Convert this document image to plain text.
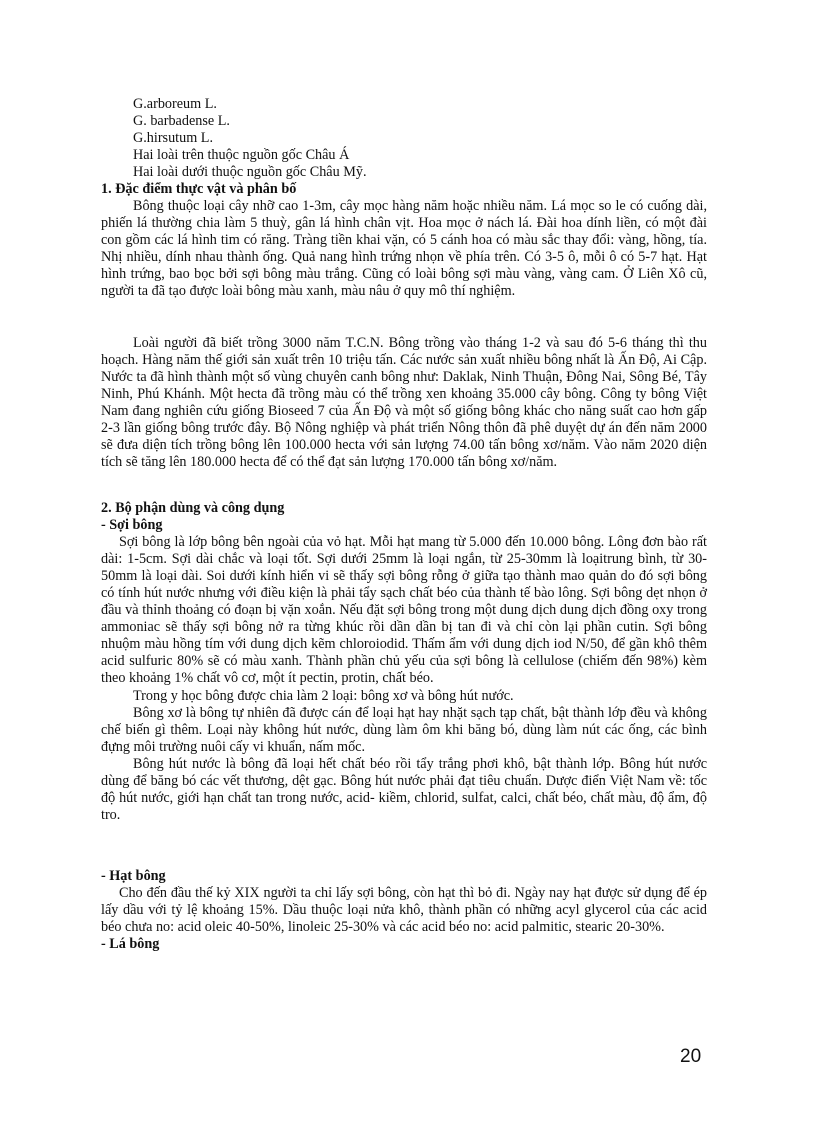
G.arboreum L.
G. barbadense L.
G.hirsutum L.
Hai loài trên thuộc nguồn gốc Châu Á
Hai loài dưới thuộc nguồn gốc Châu Mỹ.
1. Đặc điểm thực vật và phân bố

Bông thuộc loại cây nhỡ cao 1-3m, cây mọc hàng năm hoặc nhiều năm. Lá mọc so le có cuống dài, phiến lá thường chia làm 5 thuỳ, gân lá hình chân vịt. Hoa mọc ở nách lá. Đài hoa dính liền, có một đài con gồm các lá hình tim có răng. Tràng tiền khai vặn, có 5 cánh hoa có màu sắc thay đổi: vàng, hồng, tía. Nhị nhiều, dính nhau thành ống. Quả nang hình trứng nhọn về phía trên. Có 3-5 ô, mỗi ô có 5-7 hạt. Hạt hình trứng, bao bọc bởi sợi bông màu trắng. Cũng có loài bông sợi màu vàng, vàng cam. Ở Liên Xô cũ, người ta đã tạo được loài bông màu xanh, màu nâu ở quy mô thí nghiệm.

Loài người đã biết trồng 3000 năm T.C.N. Bông trồng vào tháng 1-2 và sau đó 5-6 tháng thì thu hoạch. Hàng năm thế giới sản xuất trên 10 triệu tấn. Các nước sản xuất nhiều bông nhất là Ấn Độ, Ai Cập. Nước ta đã hình thành một số vùng chuyên canh bông như: Daklak, Ninh Thuận, Đông Nai, Sông Bé, Tây Ninh, Phú Khánh. Một hecta đã trồng màu có thể trồng xen khoảng 35.000 cây bông. Công ty bông Việt Nam đang nghiên cứu giống Bioseed 7 của Ấn Độ và một số giống bông khác cho năng suất cao hơn gấp 2-3 lần giống bông trước đây. Bộ Nông nghiệp và phát triển Nông thôn đã phê duyệt dự án đến năm 2000 sẽ đưa diện tích trồng bông lên 100.000 hecta với sản lượng 74.00 tấn bông xơ/năm. Vào năm 2020 diện tích sẽ tăng lên 180.000 hecta để có thể đạt sản lượng 170.000 tấn bông xơ/năm.

2. Bộ phận dùng và công dụng
- Sợi bông

Sợi bông là lớp bông bên ngoài của vỏ hạt. Mỗi hạt mang từ 5.000 đến 10.000 bông. Lông đơn bào rất dài: 1-5cm. Sợi dài chắc và loại tốt. Sợi dưới 25mm là loại ngắn, từ 25-30mm là loạitrung bình, từ 30-50mm là loại dài. Soi dưới kính hiển vi sẽ thấy sợi bông rỗng ở giữa tạo thành mao quản do đó sợi bông có tính hút nước nhưng với điều kiện là phải tẩy sạch chất béo của thành tế bào lông. Sợi bông dẹt nhọn ở đầu và thỉnh thoảng có đoạn bị vặn xoắn. Nếu đặt sợi bông trong một dung dịch dung dịch đồng oxy trong ammoniac sẽ thấy sợi bông nở ra từng khúc rồi dần dần bị tan đi và chỉ còn lại phần cutin. Sợi bông nhuộm màu hồng tím với dung dịch kẽm chloroiodid. Thấm ẩm với dung dịch iod N/50, để gần khô thêm acid sulfuric 80% sẽ có màu xanh. Thành phần chủ yếu của sợi bông là cellulose (chiếm đến 98%) kèm theo khoảng 1% chất vô cơ, một ít pectin, protin, chất béo.

Trong y học bông được chia làm 2 loại: bông xơ và bông hút nước.

Bông xơ là bông tự nhiên đã được cán để loại hạt hay nhặt sạch tạp chất, bật thành lớp đều và không chế biến gì thêm. Loại này không hút nước, dùng làm ôm khi băng bó, dùng làm nút các ống, các bình đựng môi trường nuôi cấy vi khuẩn, nấm mốc.

Bông hút nước là bông đã loại hết chất béo rồi tẩy trắng phơi khô, bật thành lớp. Bông hút nước dùng để băng bó các vết thương, dệt gạc. Bông hút nước phải đạt tiêu chuẩn. Dược điển Việt Nam về: tốc độ hút nước, giới hạn chất tan trong nước, acid- kiềm, chlorid, sulfat, calci, chất béo, chất màu, độ ẩm, độ tro.

- Hạt bông

Cho đến đầu thế kỷ XIX người ta chỉ lấy sợi bông, còn hạt thì bỏ đi. Ngày nay hạt được sử dụng để ép lấy dầu với tỷ lệ khoảng 15%. Dầu thuộc loại nửa khô, thành phần có những acyl glycerol của các acid béo chưa no: acid oleic 40-50%, linoleic 25-30% và các acid béo no: acid palmitic, stearic 20-30%.

- Lá bông
20
